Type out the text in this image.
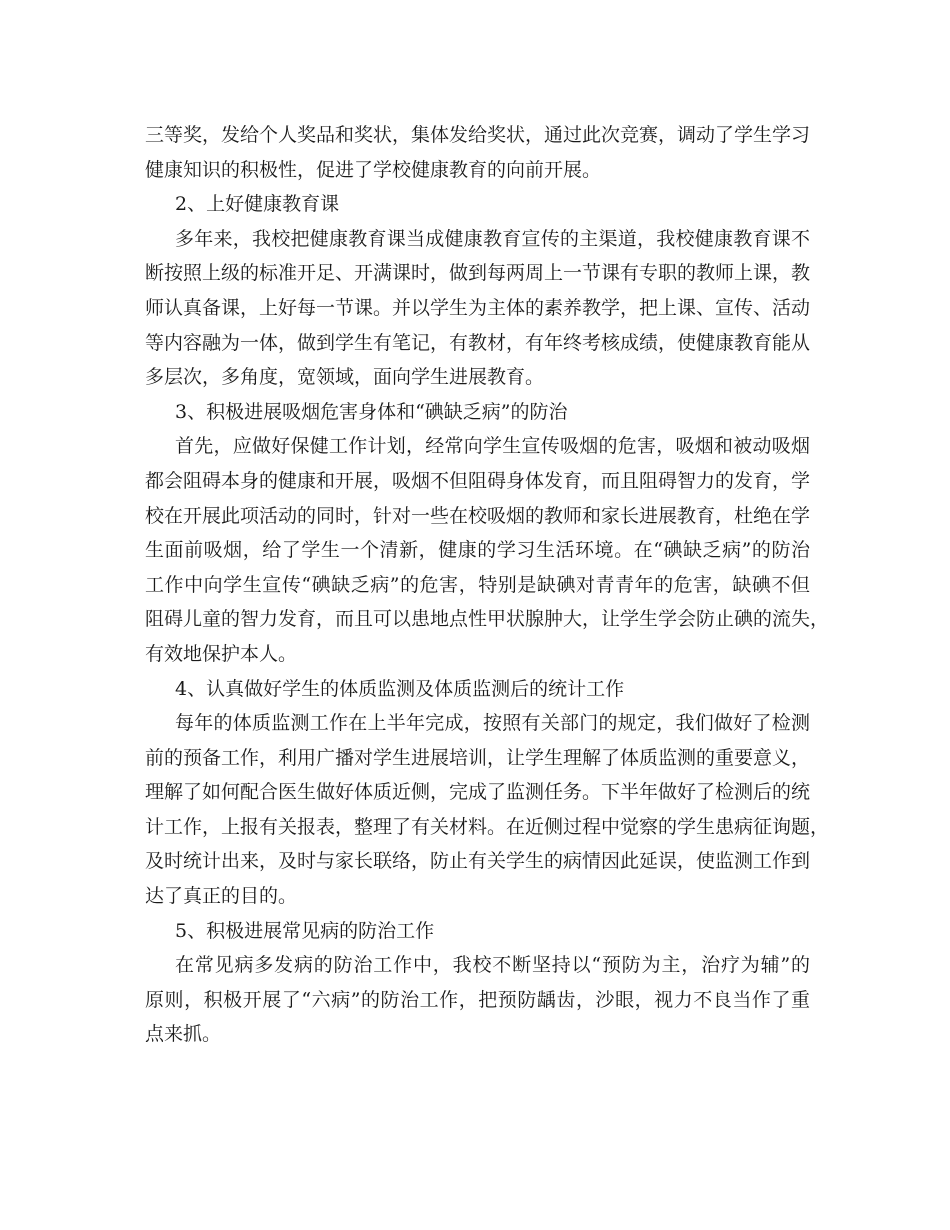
三等奖，发给个人奖品和奖状，集体发给奖状，通过此次竞赛，调动了学生学习
健康知识的积极性，促进了学校健康教育的向前开展。
2、上好健康教育课
多年来，我校把健康教育课当成健康教育宣传的主渠道，我校健康教育课不
断按照上级的标准开足、开满课时，做到每两周上一节课有专职的教师上课，教
师认真备课，上好每一节课。并以学生为主体的素养教学，把上课、宣传、活动
等内容融为一体，做到学生有笔记，有教材，有年终考核成绩，使健康教育能从
多层次，多角度，宽领域，面向学生进展教育。
3、积极进展吸烟危害身体和“碘缺乏病”的防治
首先，应做好保健工作计划，经常向学生宣传吸烟的危害，吸烟和被动吸烟
都会阻碍本身的健康和开展，吸烟不但阻碍身体发育，而且阻碍智力的发育，学
校在开展此项活动的同时，针对一些在校吸烟的教师和家长进展教育，杜绝在学
生面前吸烟，给了学生一个清新，健康的学习生活环境。在“碘缺乏病”的防治
工作中向学生宣传“碘缺乏病”的危害，特别是缺碘对青青年的危害，缺碘不但
阻碍儿童的智力发育，而且可以患地点性甲状腺肿大，让学生学会防止碘的流失，
有效地保护本人。
4、认真做好学生的体质监测及体质监测后的统计工作
每年的体质监测工作在上半年完成，按照有关部门的规定，我们做好了检测
前的预备工作，利用广播对学生进展培训，让学生理解了体质监测的重要意义，
理解了如何配合医生做好体质近侧，完成了监测任务。下半年做好了检测后的统
计工作，上报有关报表，整理了有关材料。在近侧过程中觉察的学生患病征询题，
及时统计出来，及时与家长联络，防止有关学生的病情因此延误，使监测工作到
达了真正的目的。
5、积极进展常见病的防治工作
在常见病多发病的防治工作中，我校不断坚持以“预防为主，治疗为辅”的
原则，积极开展了“六病”的防治工作，把预防龋齿，沙眼，视力不良当作了重
点来抓。
